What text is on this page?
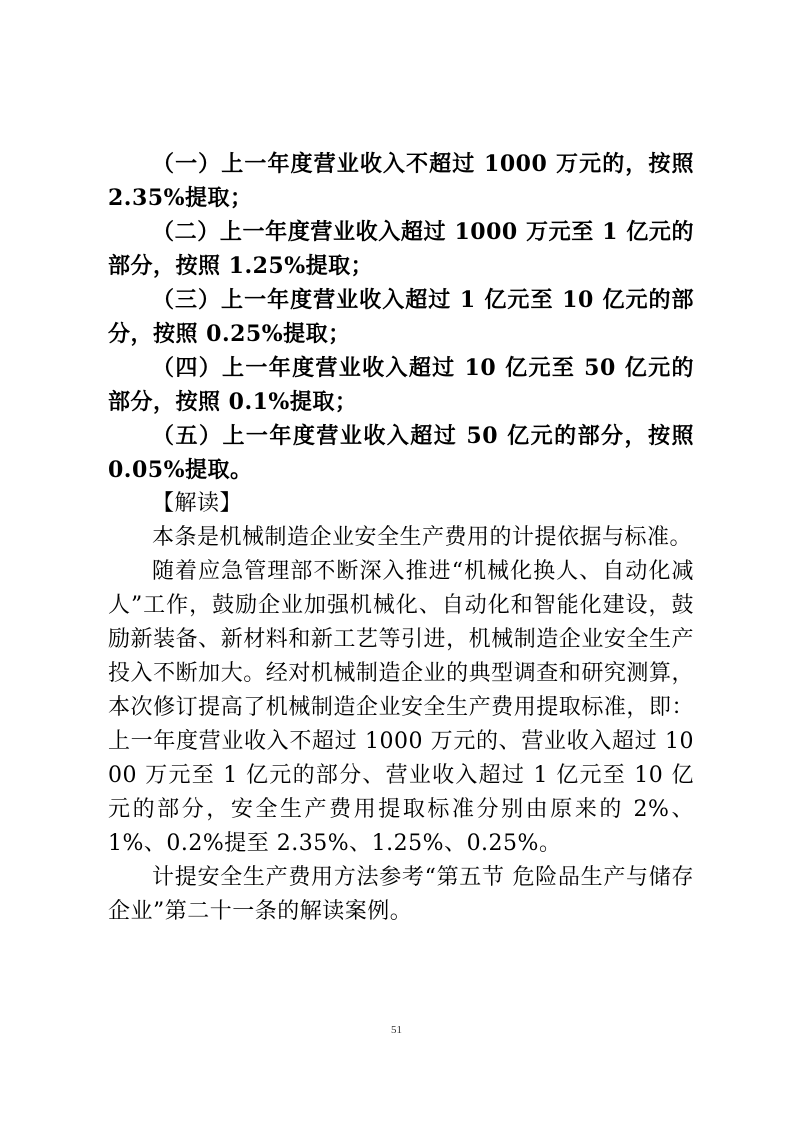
（一）上一年度营业收入不超过 1000 万元的，按照 2.35%提取；

（二）上一年度营业收入超过 1000 万元至 1 亿元的部分，按照 1.25%提取；

（三）上一年度营业收入超过 1 亿元至 10 亿元的部分，按照 0.25%提取；

（四）上一年度营业收入超过 10 亿元至 50 亿元的部分，按照 0.1%提取；

（五）上一年度营业收入超过 50 亿元的部分，按照 0.05%提取。

【解读】

本条是机械制造企业安全生产费用的计提依据与标准。

随着应急管理部不断深入推进“机械化换人、自动化减人”工作，鼓励企业加强机械化、自动化和智能化建设，鼓励新装备、新材料和新工艺等引进，机械制造企业安全生产投入不断加大。经对机械制造企业的典型调查和研究测算，本次修订提高了机械制造企业安全生产费用提取标准，即：上一年度营业收入不超过 1000 万元的、营业收入超过 1000 万元至 1 亿元的部分、营业收入超过 1 亿元至 10 亿元的部分，安全生产费用提取标准分别由原来的 2%、1%、0.2%提至 2.35%、1.25%、0.25%。

计提安全生产费用方法参考“第五节 危险品生产与储存企业”第二十一条的解读案例。

51
